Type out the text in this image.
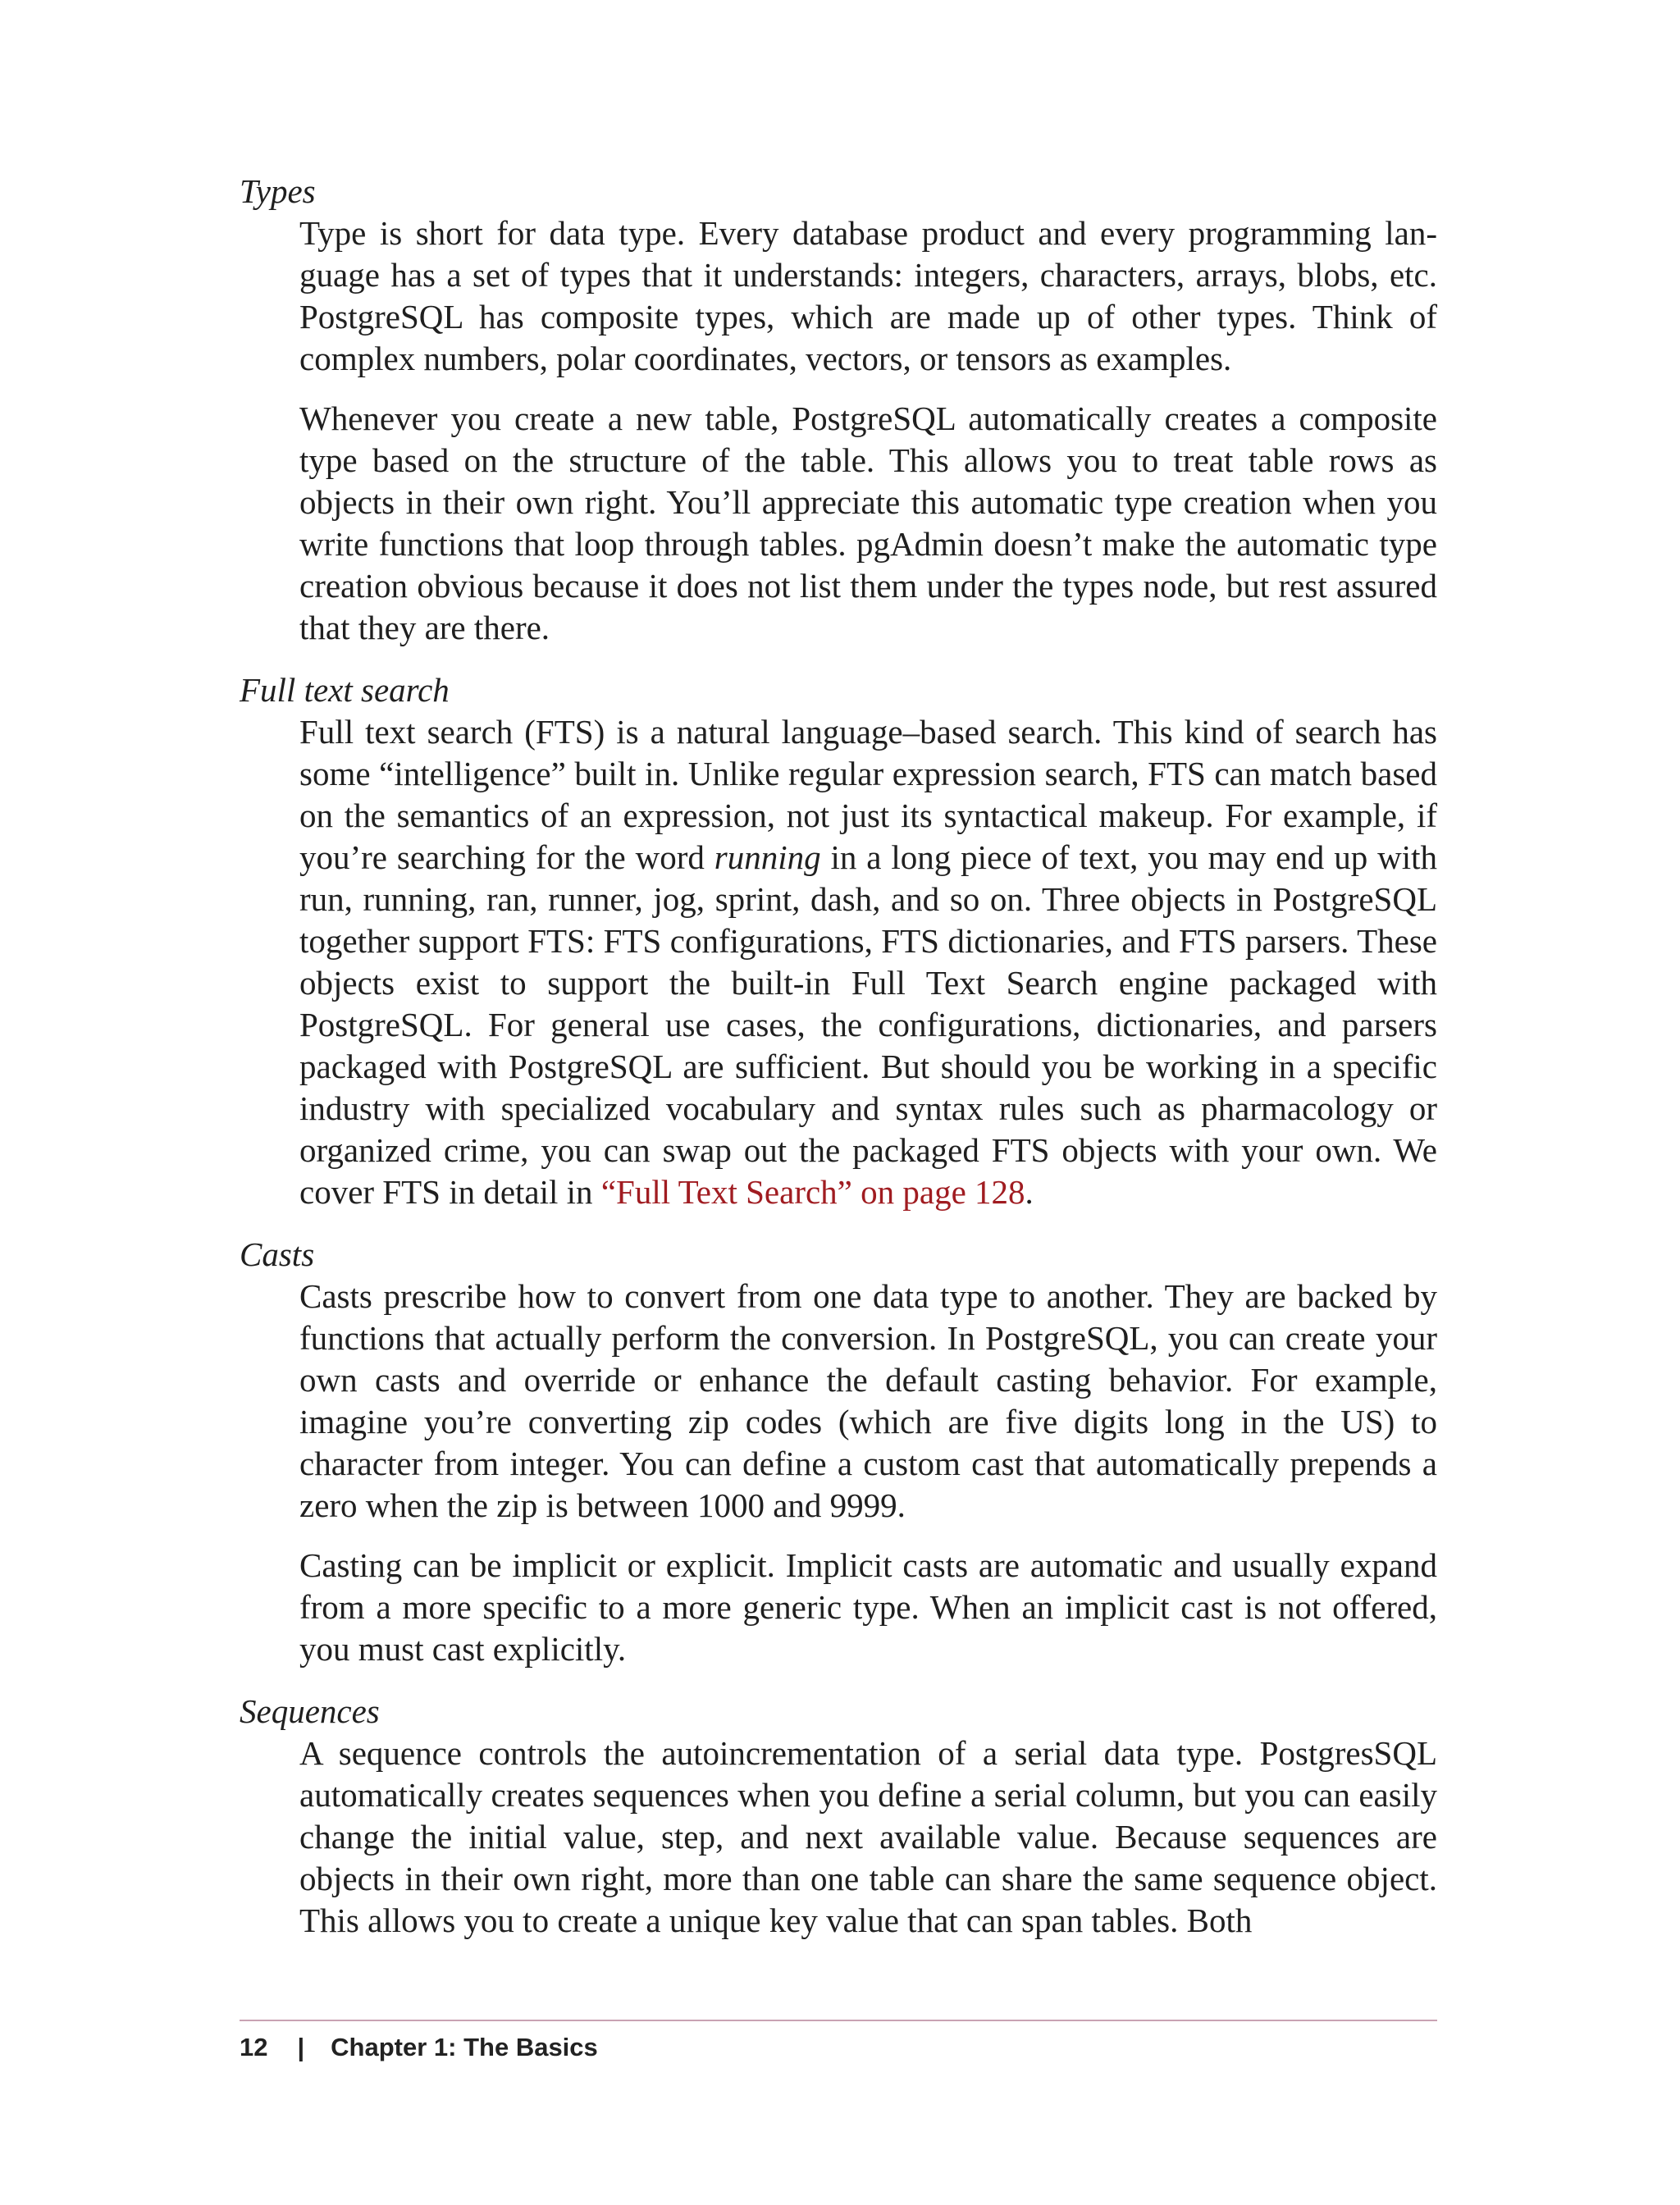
Types

Type is short for data type. Every database product and every programming language has a set of types that it understands: integers, characters, arrays, blobs, etc. PostgreSQL has composite types, which are made up of other types. Think of complex numbers, polar coordinates, vectors, or tensors as examples.

Whenever you create a new table, PostgreSQL automatically creates a composite type based on the structure of the table. This allows you to treat table rows as objects in their own right. You’ll appreciate this automatic type creation when you write functions that loop through tables. pgAdmin doesn’t make the automatic type creation obvious because it does not list them under the types node, but rest assured that they are there.

Full text search

Full text search (FTS) is a natural language–based search. This kind of search has some “intelligence” built in. Unlike regular expression search, FTS can match based on the semantics of an expression, not just its syntactical makeup. For example, if you’re searching for the word running in a long piece of text, you may end up with run, running, ran, runner, jog, sprint, dash, and so on. Three objects in PostgreSQL together support FTS: FTS configurations, FTS dictionaries, and FTS parsers. These objects exist to support the built-in Full Text Search engine packaged with PostgreSQL. For general use cases, the configurations, dictionaries, and parsers packaged with PostgreSQL are sufficient. But should you be working in a specific industry with specialized vocabulary and syntax rules such as pharmacology or organized crime, you can swap out the packaged FTS objects with your own. We cover FTS in detail in “Full Text Search” on page 128.

Casts

Casts prescribe how to convert from one data type to another. They are backed by functions that actually perform the conversion. In PostgreSQL, you can create your own casts and override or enhance the default casting behavior. For example, imagine you’re converting zip codes (which are five digits long in the US) to character from integer. You can define a custom cast that automatically prepends a zero when the zip is between 1000 and 9999.

Casting can be implicit or explicit. Implicit casts are automatic and usually expand from a more specific to a more generic type. When an implicit cast is not offered, you must cast explicitly.

Sequences

A sequence controls the autoincrementation of a serial data type. PostgresSQL automatically creates sequences when you define a serial column, but you can easily change the initial value, step, and next available value. Because sequences are objects in their own right, more than one table can share the same sequence object. This allows you to create a unique key value that can span tables. Both

12 | Chapter 1: The Basics
